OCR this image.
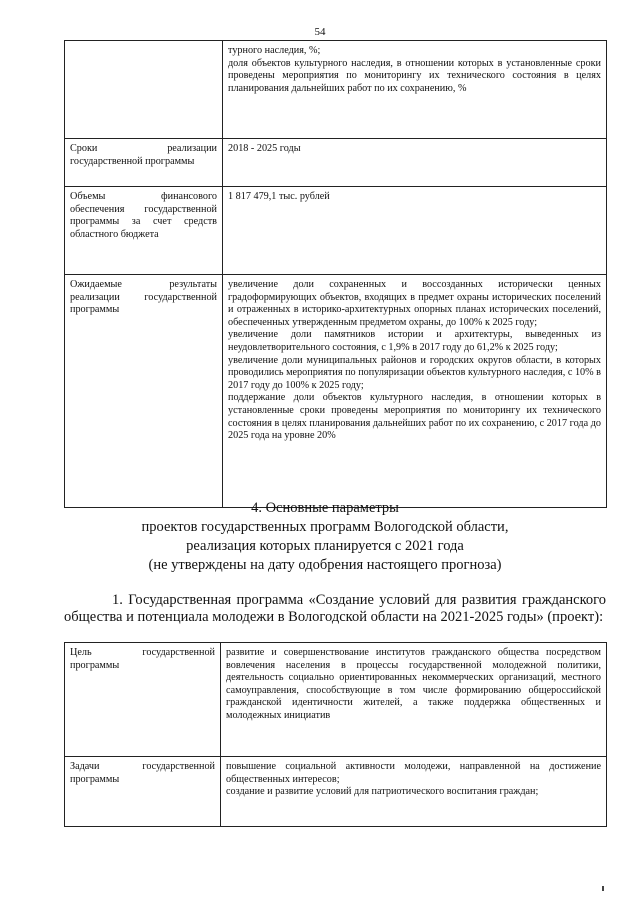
54

	турного наследия, %;

доля объектов культурного наследия, в отношении которых в установленные сроки проведены мероприятия по мониторингу их технического состояния в целях планирования дальнейших работ по их сохранению, %

Сроки реализации государственной программы	2018 - 2025 годы

Объемы финансового обеспечения государственной программы за счет средств областного бюджета	1 817 479,1 тыс. рублей

Ожидаемые результаты реализации государственной программы	увеличение доли сохраненных и воссозданных исторически ценных градоформирующих объектов, входящих в предмет охраны исторических поселений и отраженных в историко-архитектурных опорных планах исторических поселений, обеспеченных утвержденным предметом охраны, до 100% к 2025 году;

увеличение доли памятников истории и архитектуры, выведенных из неудовлетворительного состояния, с 1,9% в 2017 году до 61,2% к 2025 году;

увеличение доли муниципальных районов и городских округов области, в которых проводились мероприятия по популяризации объектов культурного наследия, с 10% в 2017 году до 100% к 2025 году;

поддержание доли объектов культурного наследия, в отношении которых в установленные сроки проведены мероприятия по мониторингу их технического состояния в целях планирования дальнейших работ по их сохранению, с 2017 года до 2025 года на уровне 20%

4. Основные параметры
проектов государственных программ Вологодской области,
реализация которых планируется с 2021 года
(не утверждены на дату одобрения настоящего прогноза)
1. Государственная программа «Создание условий для развития гражданского общества и потенциала молодежи в Вологодской области на 2021-2025 годы» (проект):
Цель государственной программы	развитие и совершенствование институтов гражданского общества посредством вовлечения населения в процессы государственной молодежной политики, деятельность социально ориентированных некоммерческих организаций, местного самоуправления, способствующие в том числе формированию общероссийской гражданской идентичности жителей, а также поддержка общественных и молодежных инициатив

Задачи государственной программы	повышение социальной активности молодежи, направленной на достижение общественных интересов;

создание и развитие условий для патриотического воспитания граждан;
